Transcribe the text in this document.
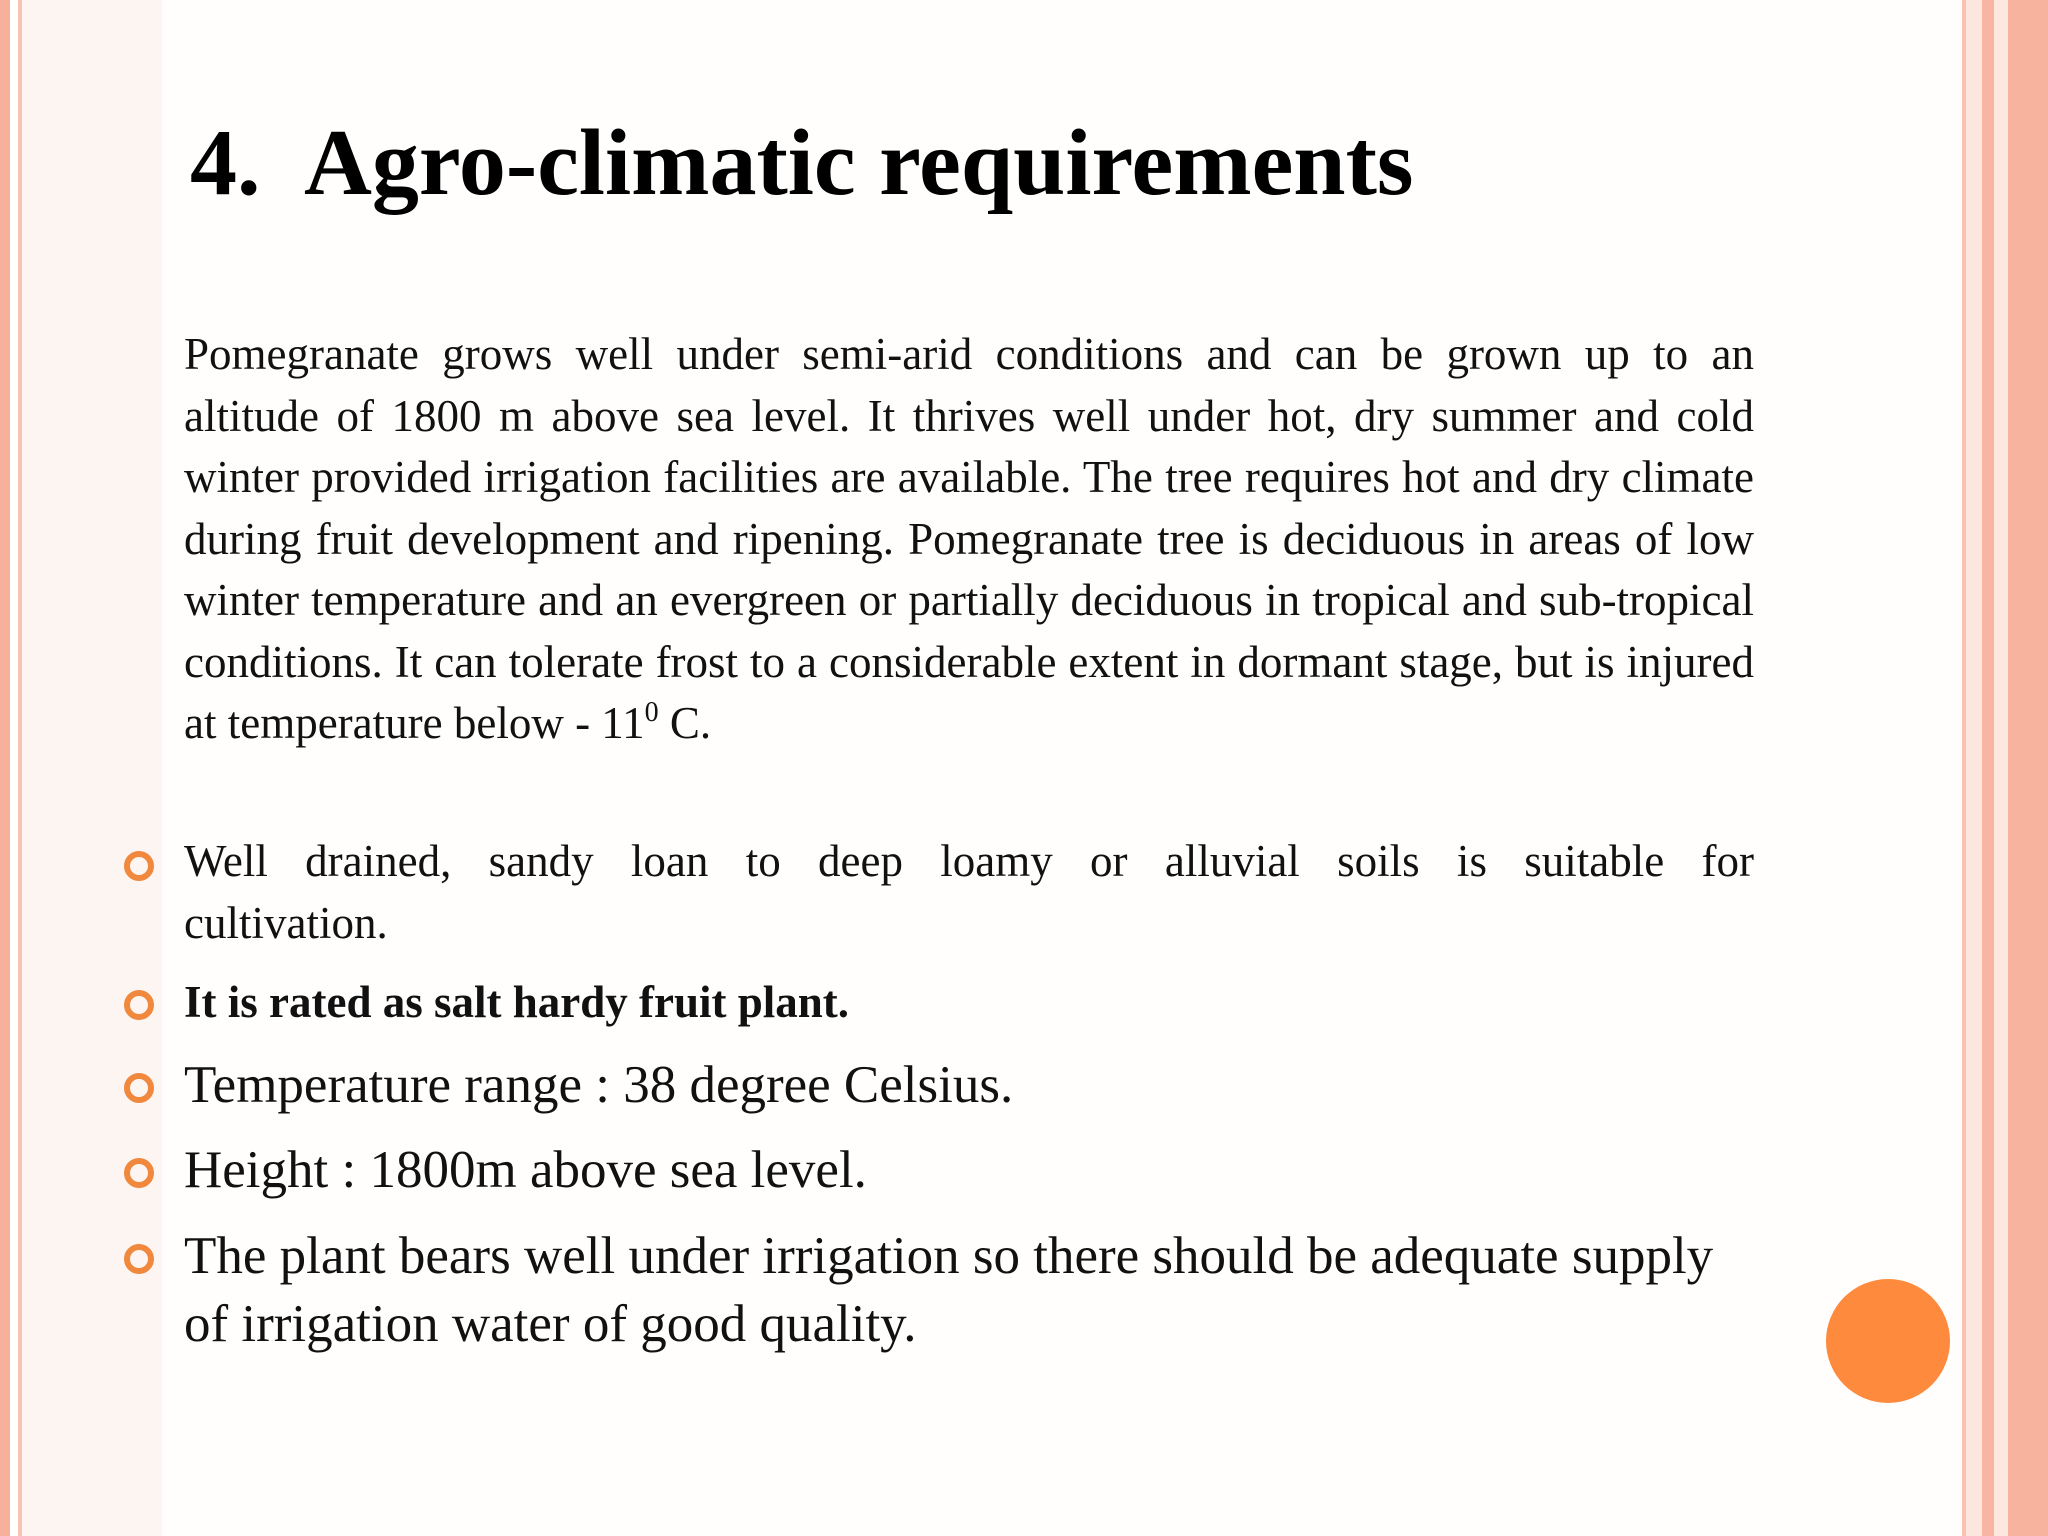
4. Agro-climatic requirements

Pomegranate grows well under semi-arid conditions and can be grown up to an altitude of 1800 m above sea level. It thrives well under hot, dry summer and cold winter provided irrigation facilities are available. The tree requires hot and dry climate during fruit development and ripening. Pomegranate tree is deciduous in areas of low winter temperature and an evergreen or partially deciduous in tropical and sub-tropical conditions. It can tolerate frost to a considerable extent in dormant stage, but is injured at temperature below - $11^0$ C.

Well drained, sandy loan to deep loamy or alluvial soils is suitable for
cultivation.
It is rated as salt hardy fruit plant.
Temperature range : 38 degree Celsius.
Height : 1800m above sea level.
The plant bears well under irrigation so there should be adequate supply of irrigation water of good quality.
